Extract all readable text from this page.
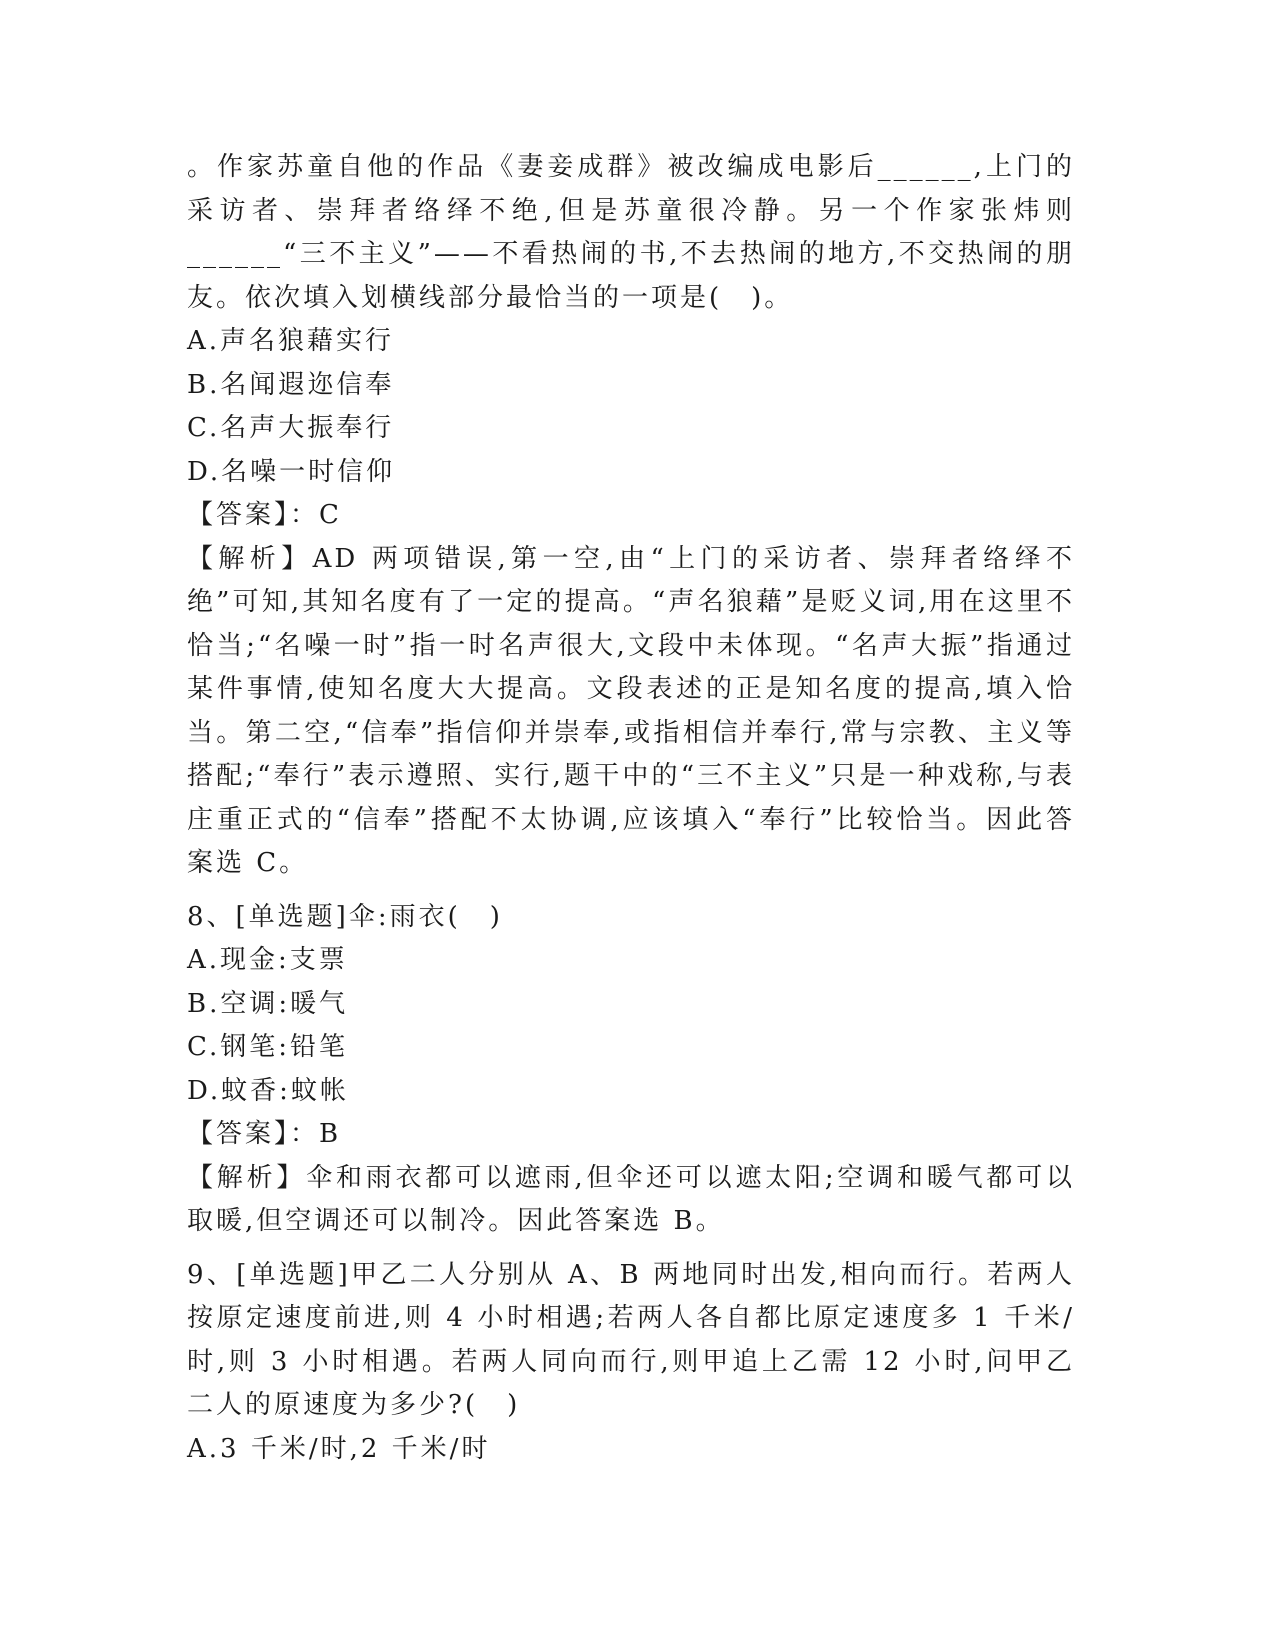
。作家苏童自他的作品《妻妾成群》被改编成电影后______,上门的采访者、崇拜者络绎不绝,但是苏童很冷静。另一个作家张炜则______“三不主义”——不看热闹的书,不去热闹的地方,不交热闹的朋友。依次填入划横线部分最恰当的一项是(　)。

A.声名狼藉实行

B.名闻遐迩信奉

C.名声大振奉行

D.名噪一时信仰

【答案】：C

【解析】AD 两项错误,第一空,由“上门的采访者、崇拜者络绎不绝”可知,其知名度有了一定的提高。“声名狼藉”是贬义词,用在这里不恰当;“名噪一时”指一时名声很大,文段中未体现。“名声大振”指通过某件事情,使知名度大大提高。文段表述的正是知名度的提高,填入恰当。第二空,“信奉”指信仰并崇奉,或指相信并奉行,常与宗教、主义等搭配;“奉行”表示遵照、实行,题干中的“三不主义”只是一种戏称,与表庄重正式的“信奉”搭配不太协调,应该填入“奉行”比较恰当。因此答案选 C。

8、[单选题]伞:雨衣(　)

A.现金:支票

B.空调:暖气

C.钢笔:铅笔

D.蚊香:蚊帐

【答案】：B

【解析】伞和雨衣都可以遮雨,但伞还可以遮太阳;空调和暖气都可以取暖,但空调还可以制冷。因此答案选 B。

9、[单选题]甲乙二人分别从 A、B 两地同时出发,相向而行。若两人按原定速度前进,则 4 小时相遇;若两人各自都比原定速度多 1 千米/时,则 3 小时相遇。若两人同向而行,则甲追上乙需 12 小时,问甲乙二人的原速度为多少?(　)

A.3 千米/时,2 千米/时
